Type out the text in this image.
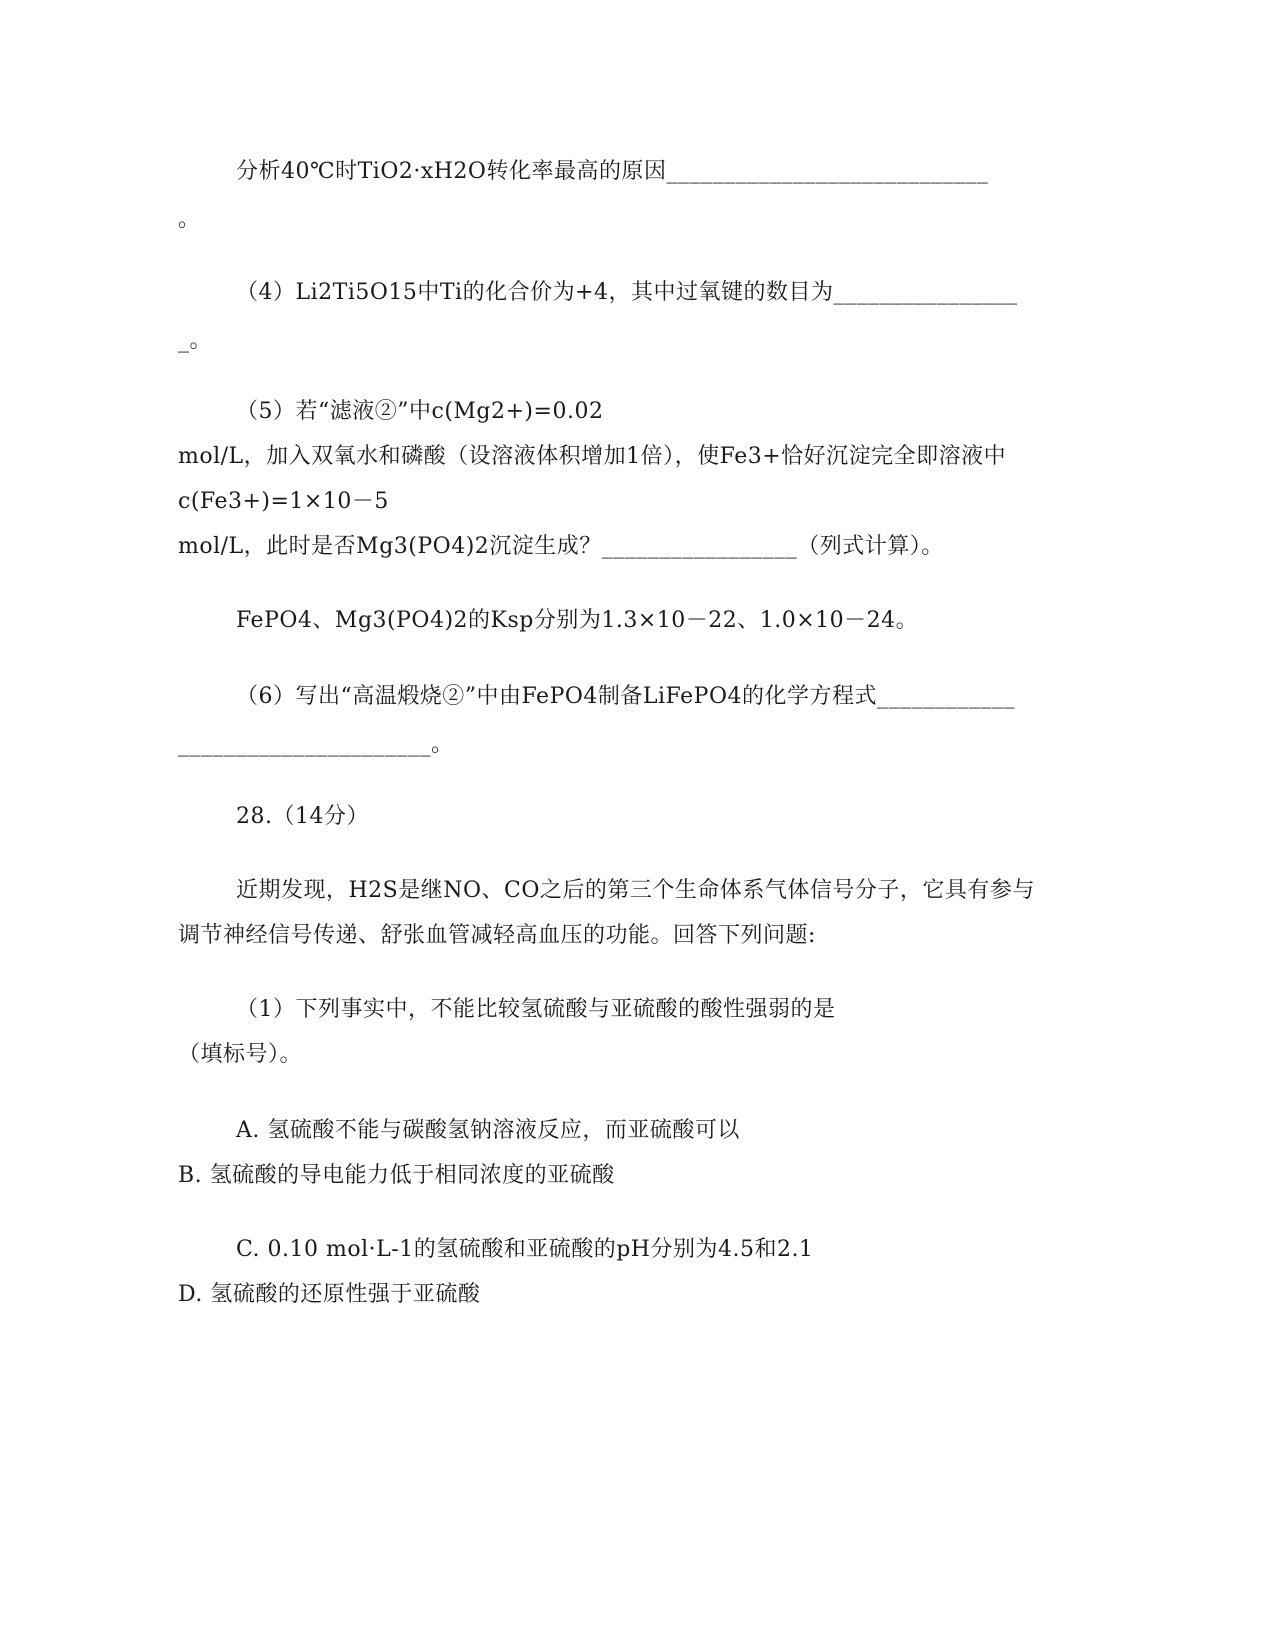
分析40℃时TiO2·xH2O转化率最高的原因____________________________
。
（4）Li2Ti5O15中Ti的化合价为+4，其中过氧键的数目为________________
_。
（5）若“滤液②”中c(Mg2+)=0.02
mol/L，加入双氧水和磷酸（设溶液体积增加1倍），使Fe3+恰好沉淀完全即溶液中
c(Fe3+)=1×10－5
mol/L，此时是否Mg3(PO4)2沉淀生成？_________________（列式计算）。
FePO4、Mg3(PO4)2的Ksp分别为1.3×10－22、1.0×10－24。
（6）写出“高温煅烧②”中由FePO4制备LiFePO4的化学方程式____________
______________________。
28.（14分）
近期发现，H2S是继NO、CO之后的第三个生命体系气体信号分子，它具有参与
调节神经信号传递、舒张血管减轻高血压的功能。回答下列问题:
（1）下列事实中，不能比较氢硫酸与亚硫酸的酸性强弱的是
（填标号）。
A. 氢硫酸不能与碳酸氢钠溶液反应，而亚硫酸可以
B. 氢硫酸的导电能力低于相同浓度的亚硫酸
C. 0.10 mol·L-1的氢硫酸和亚硫酸的pH分别为4.5和2.1
D. 氢硫酸的还原性强于亚硫酸
